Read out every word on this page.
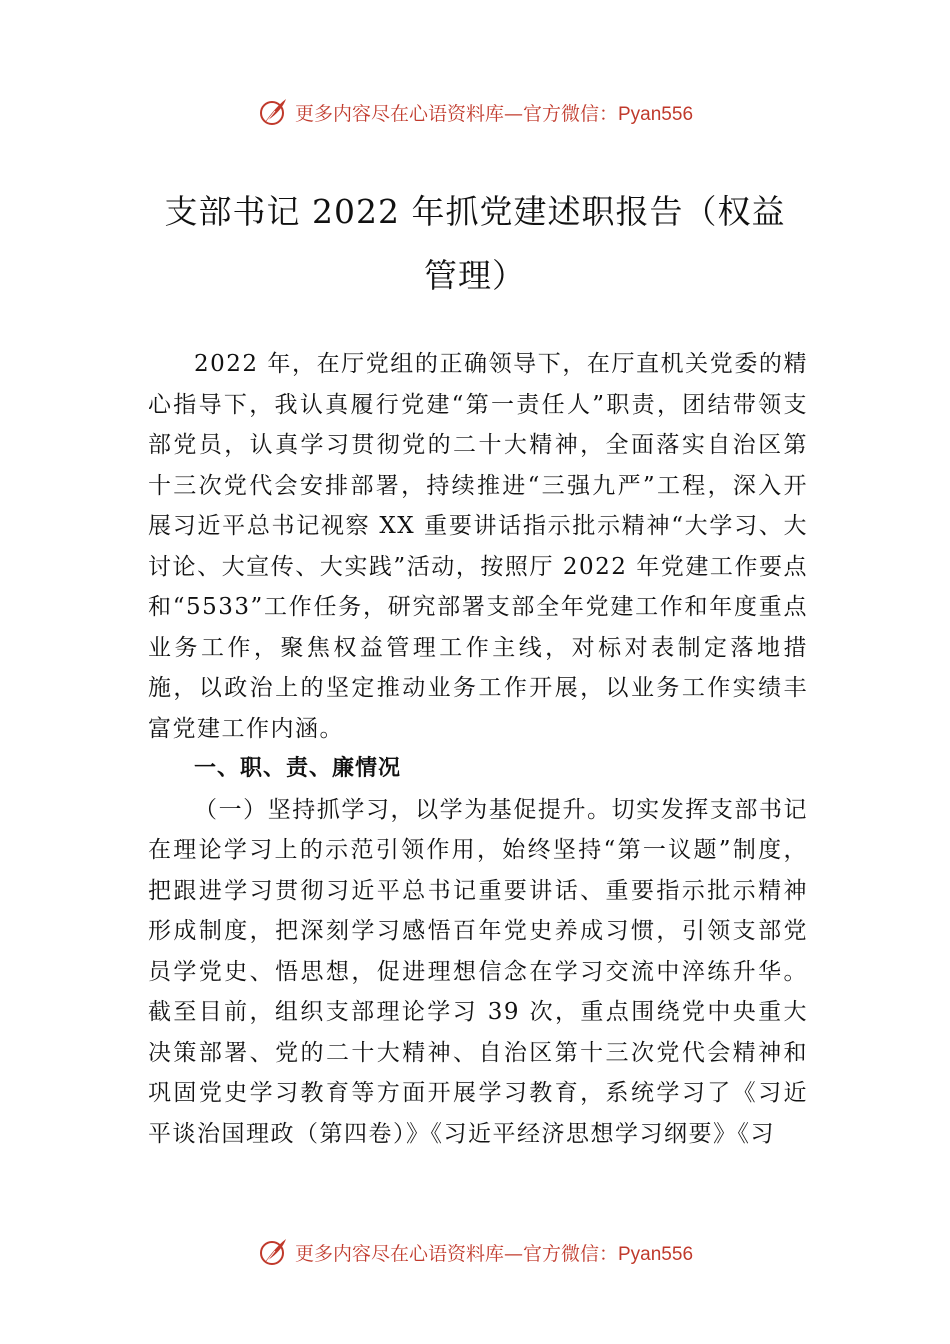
更多内容尽在心语资料库—官方微信：Pyan556
支部书记 2022 年抓党建述职报告（权益
管理）

2022 年，在厅党组的正确领导下，在厅直机关党委的精心指导下，我认真履行党建“第一责任人”职责，团结带领支部党员，认真学习贯彻党的二十大精神，全面落实自治区第十三次党代会安排部署，持续推进“三强九严”工程，深入开展习近平总书记视察 XX 重要讲话指示批示精神“大学习、大讨论、大宣传、大实践”活动，按照厅 2022 年党建工作要点和“5533”工作任务，研究部署支部全年党建工作和年度重点业务工作，聚焦权益管理工作主线，对标对表制定落地措施，以政治上的坚定推动业务工作开展，以业务工作实绩丰富党建工作内涵。

一、职、责、廉情况

（一）坚持抓学习，以学为基促提升。切实发挥支部书记在理论学习上的示范引领作用，始终坚持“第一议题”制度，把跟进学习贯彻习近平总书记重要讲话、重要指示批示精神形成制度，把深刻学习感悟百年党史养成习惯，引领支部党员学党史、悟思想，促进理想信念在学习交流中淬练升华。截至目前，组织支部理论学习 39 次，重点围绕党中央重大决策部署、党的二十大精神、自治区第十三次党代会精神和巩固党史学习教育等方面开展学习教育，系统学习了《习近平谈治国理政（第四卷）》《习近平经济思想学习纲要》《习

更多内容尽在心语资料库—官方微信：Pyan556
